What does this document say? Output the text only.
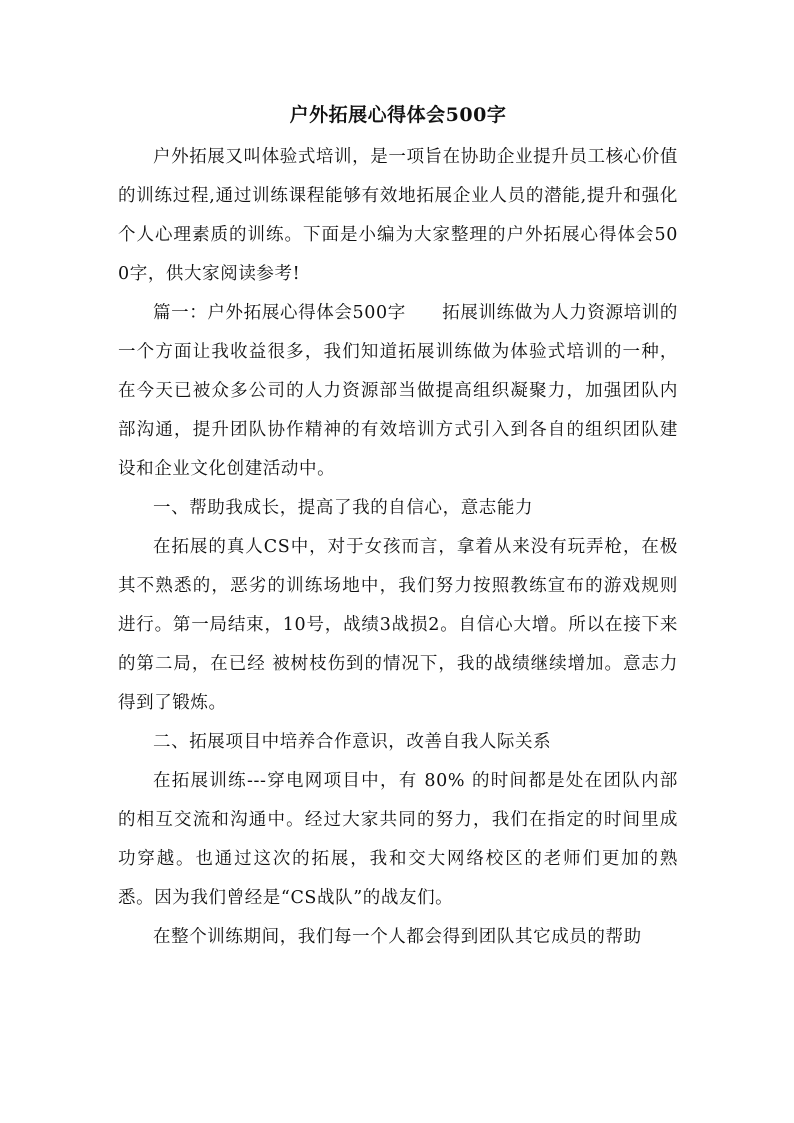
户外拓展心得体会500字

户外拓展又叫体验式培训，是一项旨在协助企业提升员工核心价值的训练过程,通过训练课程能够有效地拓展企业人员的潜能,提升和强化个人心理素质的训练。下面是小编为大家整理的户外拓展心得体会500字，供大家阅读参考!

篇一：户外拓展心得体会500字　　拓展训练做为人力资源培训的一个方面让我收益很多，我们知道拓展训练做为体验式培训的一种，在今天已被众多公司的人力资源部当做提高组织凝聚力，加强团队内部沟通，提升团队协作精神的有效培训方式引入到各自的组织团队建设和企业文化创建活动中。

一、帮助我成长，提高了我的自信心，意志能力

在拓展的真人CS中，对于女孩而言，拿着从来没有玩弄枪，在极其不熟悉的，恶劣的训练场地中，我们努力按照教练宣布的游戏规则进行。第一局结束，10号，战绩3战损2。自信心大增。所以在接下来的第二局，在已经 被树枝伤到的情况下，我的战绩继续增加。意志力得到了锻炼。

二、拓展项目中培养合作意识，改善自我人际关系

在拓展训练---穿电网项目中，有 80% 的时间都是处在团队内部的相互交流和沟通中。经过大家共同的努力，我们在指定的时间里成功穿越。也通过这次的拓展，我和交大网络校区的老师们更加的熟悉。因为我们曾经是“CS战队”的战友们。

在整个训练期间，我们每一个人都会得到团队其它成员的帮助
